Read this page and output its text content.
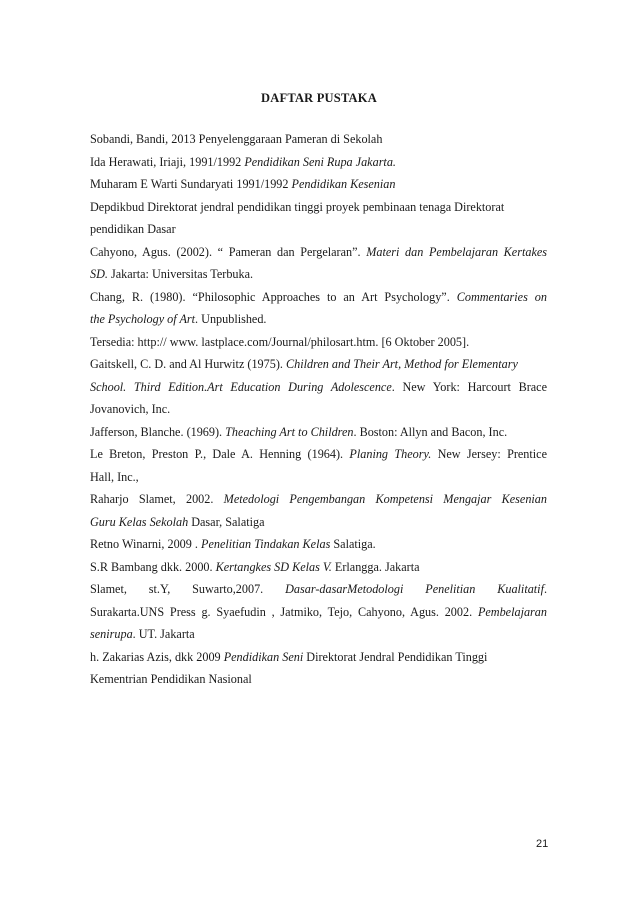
DAFTAR PUSTAKA
Sobandi, Bandi, 2013 Penyelenggaraan Pameran di Sekolah
Ida Herawati, Iriaji, 1991/1992 Pendidikan Seni Rupa Jakarta.
Muharam E Warti Sundaryati 1991/1992 Pendidikan Kesenian
Depdikbud Direktorat jendral pendidikan tinggi proyek pembinaan tenaga Direktorat
pendidikan Dasar
Cahyono, Agus. (2002). “ Pameran dan Pergelaran”. Materi dan Pembelajaran Kertakes
SD. Jakarta: Universitas Terbuka.
Chang, R. (1980). “Philosophic Approaches to an Art Psychology”. Commentaries on
the Psychology of Art. Unpublished.
Tersedia: http:// www. lastplace.com/Journal/philosart.htm. [6 Oktober 2005].
Gaitskell, C. D. and Al Hurwitz (1975). Children and Their Art, Method for Elementary
School. Third Edition.Art Education During Adolescence. New York: Harcourt Brace
Jovanovich, Inc.
Jafferson, Blanche. (1969). Theaching Art to Children. Boston: Allyn and Bacon, Inc.
Le Breton, Preston P., Dale A. Henning (1964). Planing Theory. New Jersey: Prentice
Hall, Inc.,
Raharjo Slamet, 2002. Metedologi Pengembangan Kompetensi Mengajar Kesenian
Guru Kelas Sekolah Dasar, Salatiga
Retno Winarni, 2009 . Penelitian Tindakan Kelas Salatiga.
S.R Bambang dkk. 2000. Kertangkes SD Kelas V. Erlangga. Jakarta
Slamet, st.Y, Suwarto,2007. Dasar-dasarMetodologi Penelitian Kualitatif.
Surakarta.UNS Press g. Syaefudin , Jatmiko, Tejo, Cahyono, Agus. 2002. Pembelajaran
senirupa. UT. Jakarta
h. Zakarias Azis, dkk 2009 Pendidikan Seni Direktorat Jendral Pendidikan Tinggi
Kementrian Pendidikan Nasional
21
